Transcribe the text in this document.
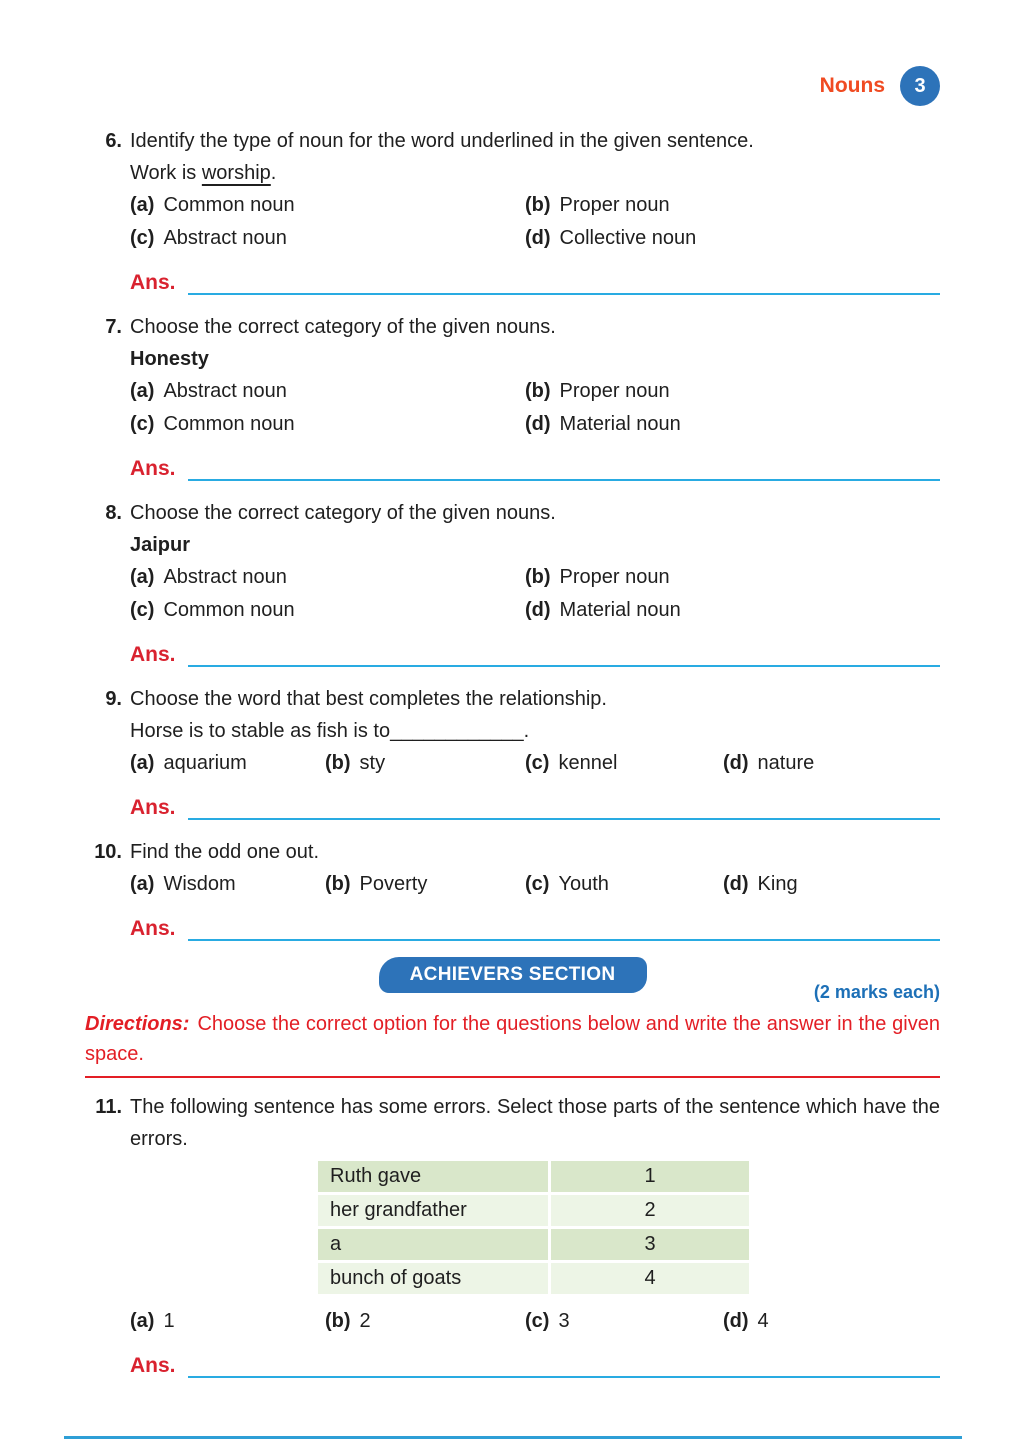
Nouns	3
6. Identify the type of noun for the word underlined in the given sentence.
Work is worship.
(a) Common noun	(b) Proper noun
(c) Abstract noun	(d) Collective noun
Ans.
7. Choose the correct category of the given nouns.
Honesty
(a) Abstract noun	(b) Proper noun
(c) Common noun	(d) Material noun
Ans.
8. Choose the correct category of the given nouns.
Jaipur
(a) Abstract noun	(b) Proper noun
(c) Common noun	(d) Material noun
Ans.
9. Choose the word that best completes the relationship.
Horse is to stable as fish is to____________.
(a) aquarium	(b) sty	(c) kennel	(d) nature
Ans.
10. Find the odd one out.
(a) Wisdom	(b) Poverty	(c) Youth	(d) King
Ans.
ACHIEVERS SECTION
(2 marks each)
Directions: Choose the correct option for the questions below and write the answer in the given space.
11. The following sentence has some errors. Select those parts of the sentence which have the errors.
Ruth gave	1
her grandfather	2
a	3
bunch of goats	4
(a) 1	(b) 2	(c) 3	(d) 4
Ans.
